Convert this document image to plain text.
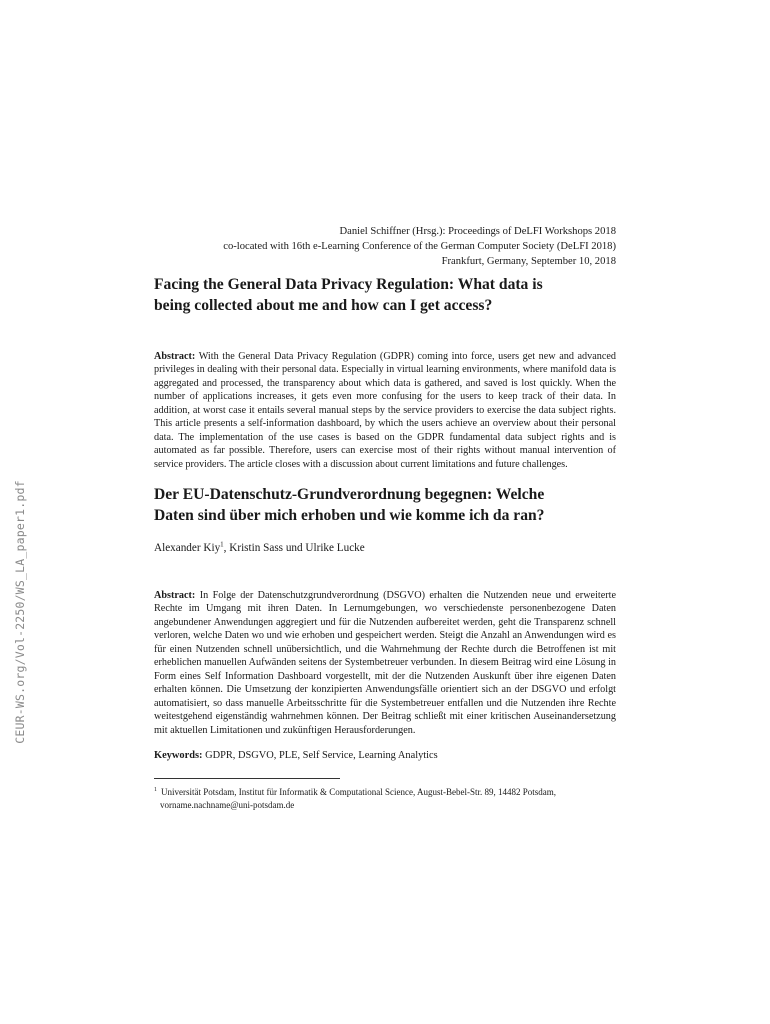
CEUR-WS.org/Vol-2250/WS_LA_paper1.pdf
Daniel Schiffner (Hrsg.): Proceedings of DeLFI Workshops 2018
co-located with 16th e-Learning Conference of the German Computer Society (DeLFI 2018)
Frankfurt, Germany, September 10, 2018
Facing the General Data Privacy Regulation: What data is
being collected about me and how can I get access?
Abstract: With the General Data Privacy Regulation (GDPR) coming into force, users get new and advanced privileges in dealing with their personal data. Especially in virtual learning environments, where manifold data is aggregated and processed, the transparency about which data is gathered, and saved is lost quickly. When the number of applications increases, it gets even more confusing for the users to keep track of their data. In addition, at worst case it entails several manual steps by the service providers to exercise the data subject rights. This article presents a self-information dashboard, by which the users achieve an overview about their personal data. The implementation of the use cases is based on the GDPR fundamental data subject rights and is automated as far possible. Therefore, users can exercise most of their rights without manual intervention of service providers. The article closes with a discussion about current limitations and future challenges.
Der EU-Datenschutz-Grundverordnung begegnen: Welche
Daten sind über mich erhoben und wie komme ich da ran?
Alexander Kiy$^1$, Kristin Sass und Ulrike Lucke
Abstract: In Folge der Datenschutzgrundverordnung (DSGVO) erhalten die Nutzenden neue und erweiterte Rechte im Umgang mit ihren Daten. In Lernumgebungen, wo verschiedenste personenbezogene Daten angebundener Anwendungen aggregiert und für die Nutzenden aufbereitet werden, geht die Transparenz schnell verloren, welche Daten wo und wie erhoben und gespeichert werden. Steigt die Anzahl an Anwendungen wird es für einen Nutzenden schnell unübersichtlich, und die Wahrnehmung der Rechte durch die Betroffenen ist mit erheblichen manuellen Aufwänden seitens der Systembetreuer verbunden. In diesem Beitrag wird eine Lösung in Form eines Self Information Dashboard vorgestellt, mit der die Nutzenden Auskunft über ihre eigenen Daten erhalten können. Die Umsetzung der konzipierten Anwendungsfälle orientiert sich an der DSGVO und erfolgt automatisiert, so dass manuelle Arbeitsschritte für die Systembetreuer entfallen und die Nutzenden ihre Rechte weitestgehend eigenständig wahrnehmen können. Der Beitrag schließt mit einer kritischen Auseinandersetzung mit aktuellen Limitationen und zukünftigen Herausforderungen.
Keywords: GDPR, DSGVO, PLE, Self Service, Learning Analytics
$^1$ Universität Potsdam, Institut für Informatik & Computational Science, August-Bebel-Str. 89, 14482 Potsdam,
vorname.nachname@uni-potsdam.de
